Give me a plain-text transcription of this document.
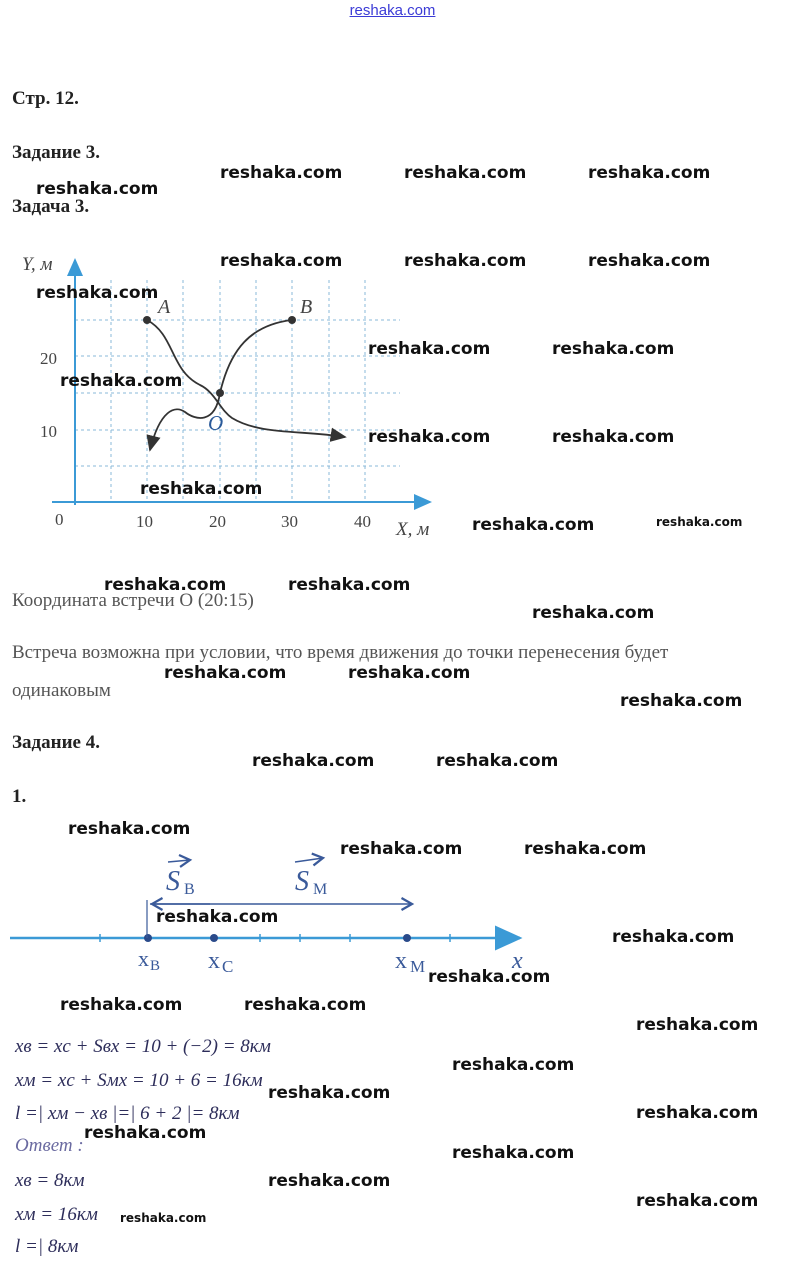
reshaka.com
Стр. 12.
Задание 3.
Задача 3.
Y, м
X, м
20
10
0	10	20	30	40
A	B
O
Координата встречи О (20:15)
Встреча возможна при условии, что время движения до точки перенесения будет
одинаковым
Задание 4.
1.
S B	S M
x B x C	x M	x
xв = xс + Sвх = 10 + (−2) = 8км
xм = xс + Sмх = 10 + 6 = 16км
l =| xм − xв |=| 6 + 2 |= 8км
Ответ :
xв = 8км
xм = 16км
l =| 8км
reshaka.com	reshaka.com	reshaka.com
reshaka.com
reshaka.com	reshaka.com	reshaka.com
reshaka.com
reshaka.com	reshaka.com
reshaka.com
reshaka.com	reshaka.com
reshaka.com
reshaka.com	reshaka.com
reshaka.com	reshaka.com
reshaka.com
reshaka.com	reshaka.com
reshaka.com
reshaka.com	reshaka.com
reshaka.com
reshaka.com	reshaka.com
reshaka.com
reshaka.com
reshaka.com
reshaka.com	reshaka.com
reshaka.com
reshaka.com
reshaka.com
reshaka.com
reshaka.com
reshaka.com
reshaka.com
reshaka.com
reshaka.com
